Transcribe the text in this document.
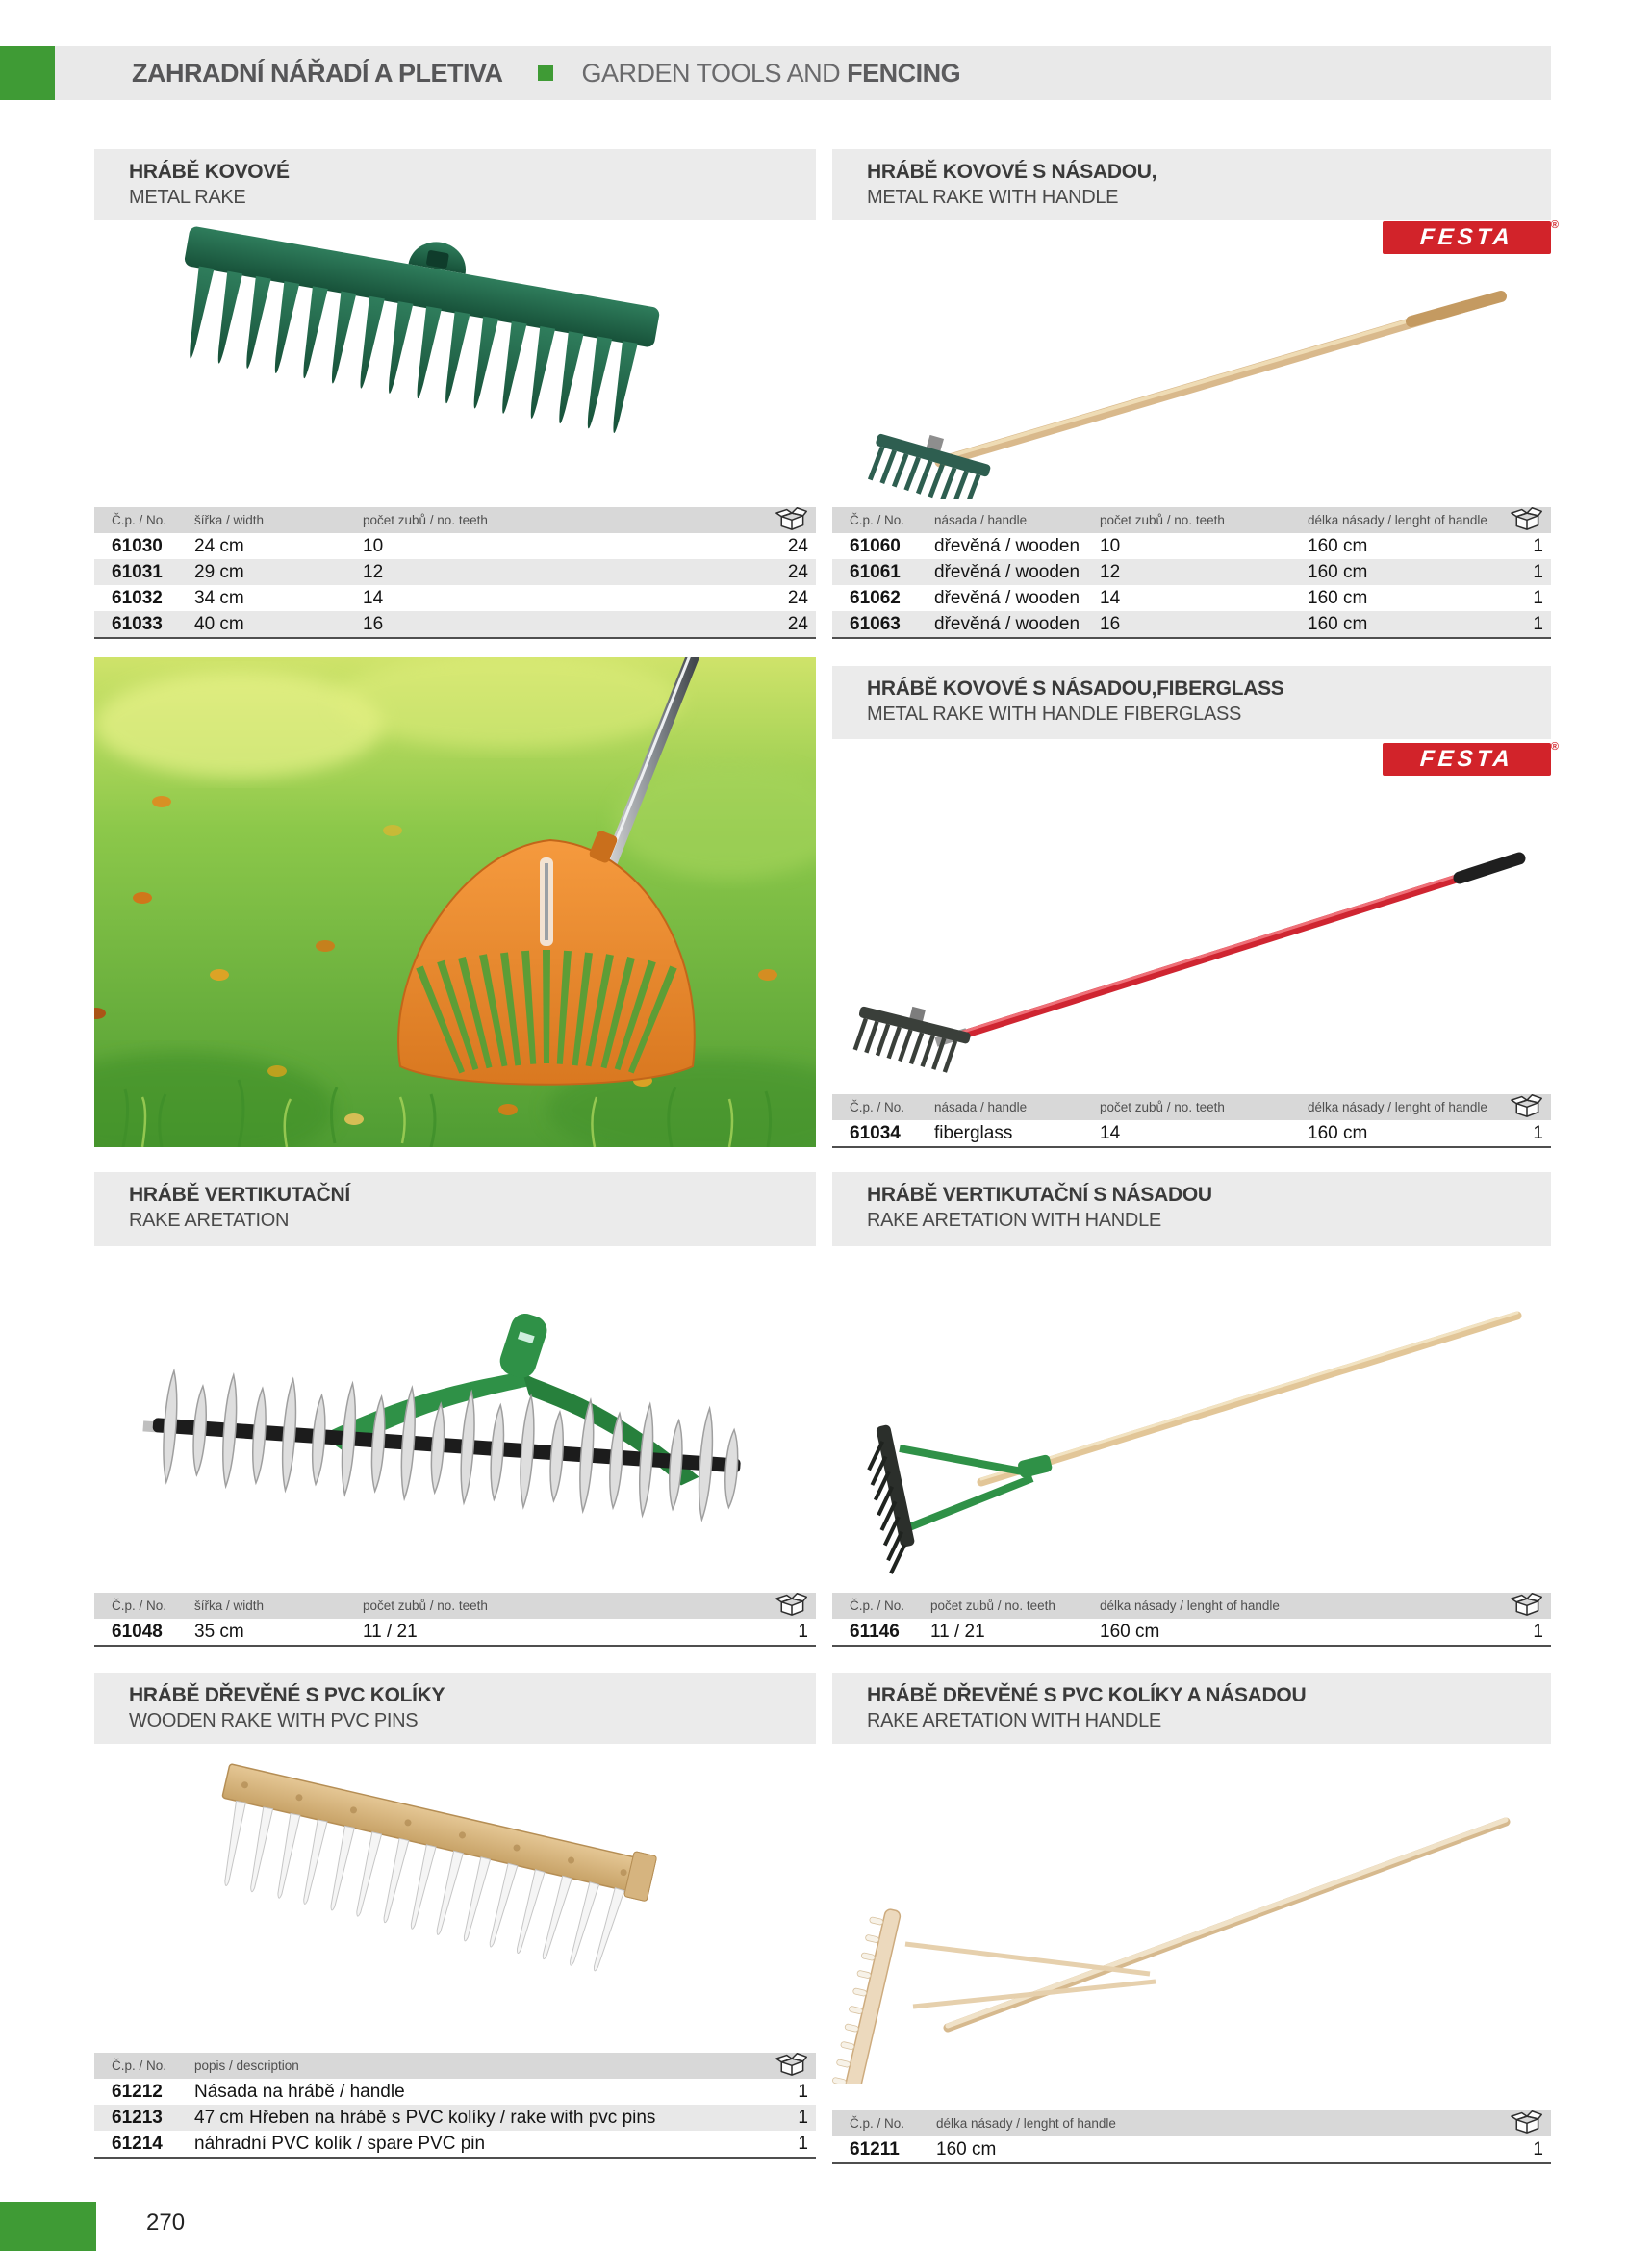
ZAHRADNÍ NÁŘADÍ A PLETIVA	GARDEN TOOLS AND FENCING
HRÁBĚ KOVOVÉ
METAL RAKE
HRÁBĚ KOVOVÉ S NÁSADOU,
METAL RAKE WITH HANDLE
FESTA	®
Č.p. / No.	šířka / width	počet zubů / no. teeth	
61030	24 cm	10	24
61031	29 cm	12	24
61032	34 cm	14	24
61033	40 cm	16	24
Č.p. / No.	násada / handle	počet zubů / no. teeth	délka násady / lenght of handle	
61060	dřevěná / wooden	10	160 cm	1
61061	dřevěná / wooden	12	160 cm	1
61062	dřevěná / wooden	14	160 cm	1
61063	dřevěná / wooden	16	160 cm	1
HRÁBĚ KOVOVÉ S NÁSADOU,FIBERGLASS
METAL RAKE WITH HANDLE FIBERGLASS
FESTA	®
Č.p. / No.	násada / handle	počet zubů / no. teeth	délka násady / lenght of handle	
61034	fiberglass	14	160 cm	1
HRÁBĚ VERTIKUTAČNÍ
RAKE ARETATION
HRÁBĚ VERTIKUTAČNÍ S NÁSADOU
RAKE ARETATION WITH HANDLE
Č.p. / No.	šířka / width	počet zubů / no. teeth	
61048	35 cm	11 / 21	1
Č.p. / No.	počet zubů / no. teeth	délka násady / lenght of handle	
61146	11 / 21	160 cm	1
HRÁBĚ DŘEVĚNÉ S PVC KOLÍKY
WOODEN RAKE WITH PVC PINS
HRÁBĚ DŘEVĚNÉ S PVC KOLÍKY A NÁSADOU
RAKE ARETATION WITH HANDLE
Č.p. / No.	popis / description	
61212	Násada na hrábě / handle	1
61213	47 cm Hřeben na hrábě s PVC kolíky / rake with pvc pins	1
61214	náhradní PVC kolík / spare PVC pin	1
Č.p. / No.	délka násady / lenght of handle	
61211	160 cm	1
270
